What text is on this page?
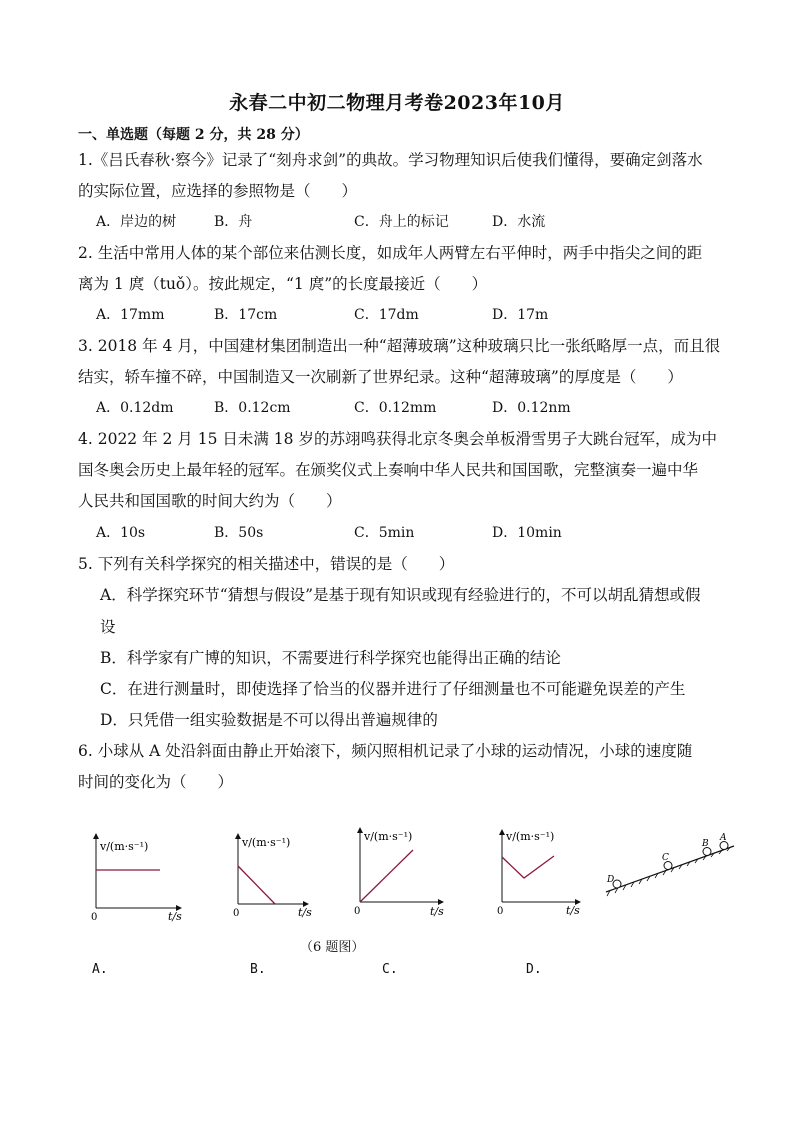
永春二中初二物理月考卷2023年10月
一、单选题（每题 2 分，共 28 分）
1.《吕氏春秋·察今》记录了“刻舟求剑”的典故。学习物理知识后使我们懂得，要确定剑落水
的实际位置，应选择的参照物是（　　）
A．岸边的树	B．舟	C．舟上的标记	D．水流
2. 生活中常用人体的某个部位来估测长度，如成年人两臂左右平伸时，两手中指尖之间的距
离为 1 庹（tuǒ）。按此规定，“1 庹”的长度最接近（　　）
A．17mm	B．17cm	C．17dm	D．17m
3. 2018 年 4 月，中国建材集团制造出一种“超薄玻璃”这种玻璃只比一张纸略厚一点，而且很
结实，轿车撞不碎，中国制造又一次刷新了世界纪录。这种“超薄玻璃”的厚度是（　　）
A．0.12dm	B．0.12cm	C．0.12mm	D．0.12nm
4. 2022 年 2 月 15 日未满 18 岁的苏翊鸣获得北京冬奥会单板滑雪男子大跳台冠军，成为中
国冬奥会历史上最年轻的冠军。在颁奖仪式上奏响中华人民共和国国歌，完整演奏一遍中华
人民共和国国歌的时间大约为（　　）
A．10s	B．50s	C．5min	D．10min
5. 下列有关科学探究的相关描述中，错误的是（　　）
A．科学探究环节“猜想与假设”是基于现有知识或现有经验进行的，不可以胡乱猜想或假
设
B．科学家有广博的知识，不需要进行科学探究也能得出正确的结论
C．在进行测量时，即使选择了恰当的仪器并进行了仔细测量也不可能避免误差的产生
D．只凭借一组实验数据是不可以得出普遍规律的
6. 小球从 A 处沿斜面由静止开始滚下，频闪照相机记录了小球的运动情况，小球的速度随
时间的变化为（　　）
v/(m·s⁻¹)
t/s
0
v/(m·s⁻¹)
t/s
0
v/(m·s⁻¹)
t/s
0
v/(m·s⁻¹)
t/s
0
D
C
B
A
（6 题图）
A.	B.	C.	D.
